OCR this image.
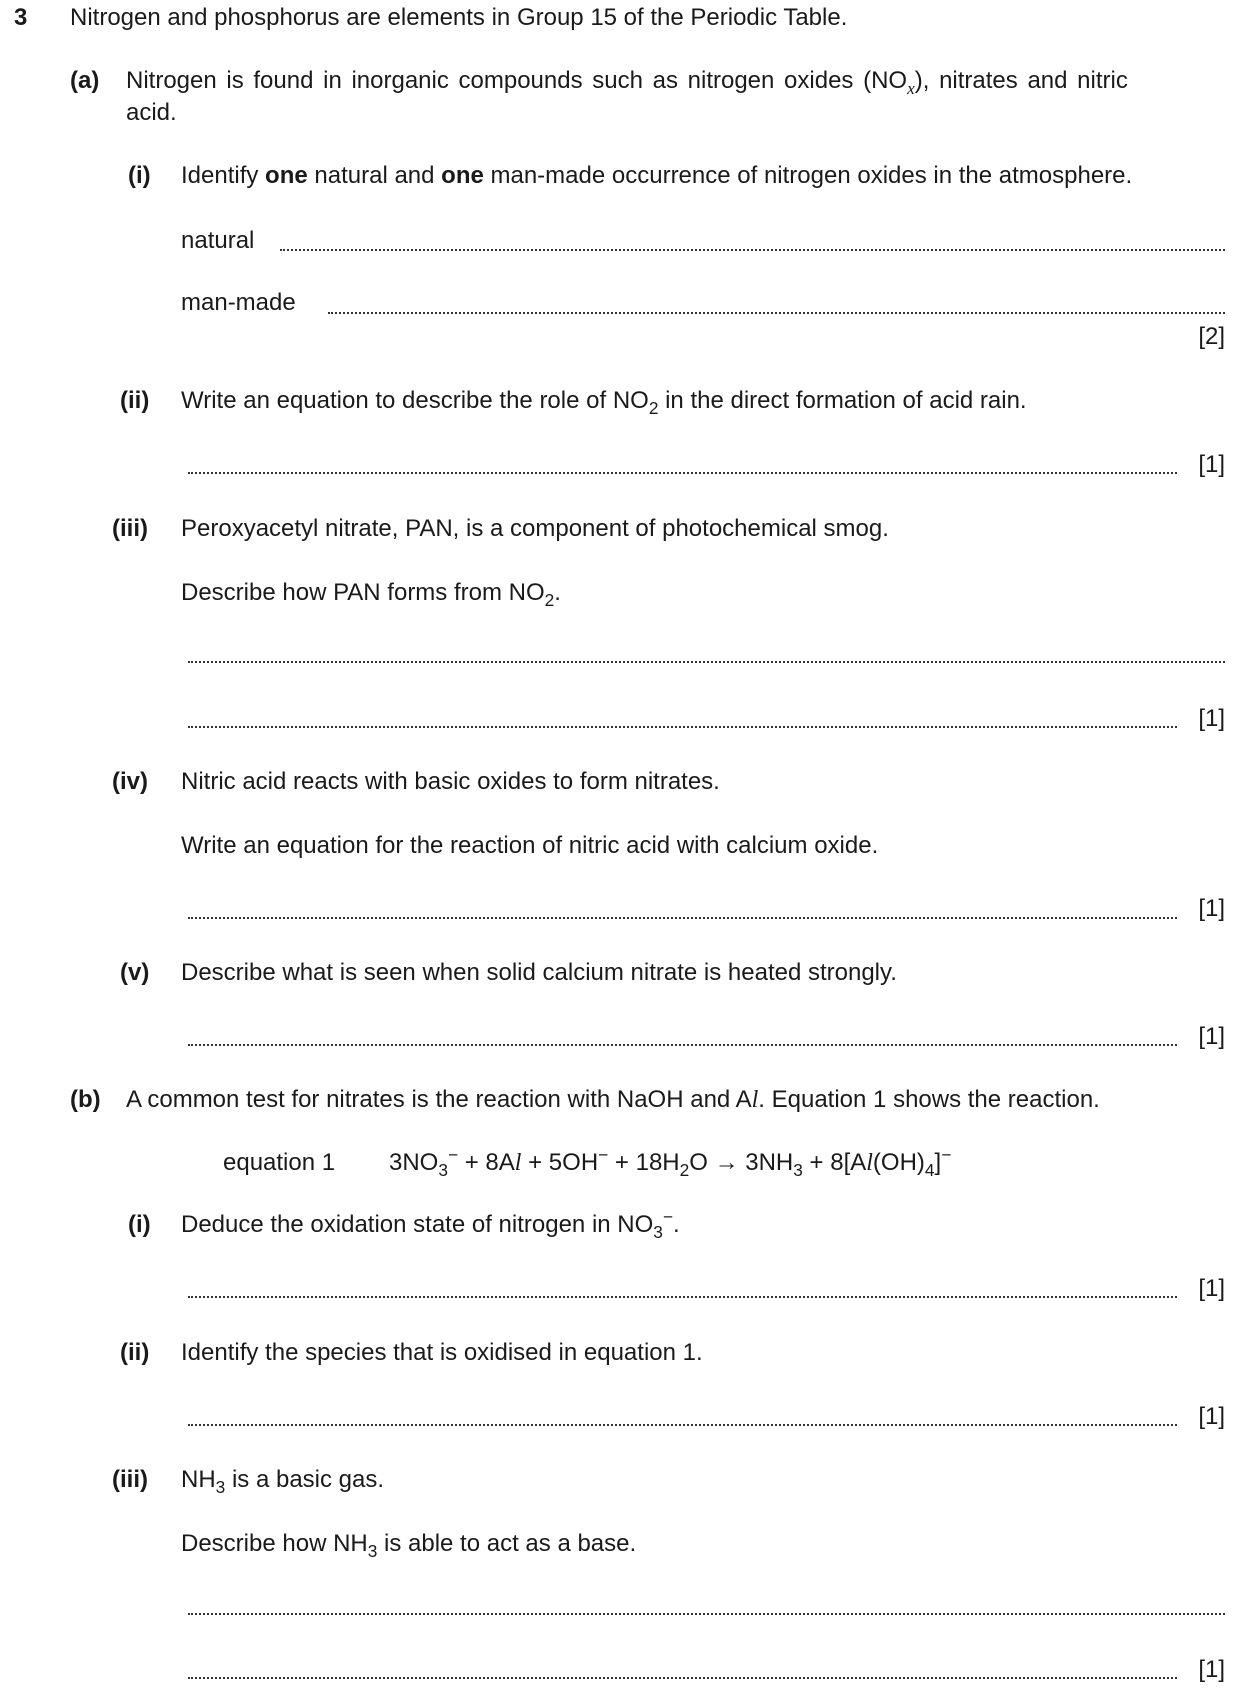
3 Nitrogen and phosphorus are elements in Group 15 of the Periodic Table.
(a) Nitrogen is found in inorganic compounds such as nitrogen oxides $(NO_x)$, nitrates and nitric
acid.
(i) Identify one natural and one man-made occurrence of nitrogen oxides in the atmosphere.
natural
man-made
[2]
(ii) Write an equation to describe the role of $NO_2$ in the direct formation of acid rain.
[1]
(iii) Peroxyacetyl nitrate, PAN, is a component of photochemical smog.
Describe how PAN forms from $NO_2$.
[1]
(iv) Nitric acid reacts with basic oxides to form nitrates.
Write an equation for the reaction of nitric acid with calcium oxide.
[1]
(v) Describe what is seen when solid calcium nitrate is heated strongly.
[1]
(b) A common test for nitrates is the reaction with NaOH and Al. Equation 1 shows the reaction.
equation 1 $3NO_3^- + 8Al + 5OH^- + 18H_2O \to 3NH_3 + 8[Al(OH)_4]^-$
(i) Deduce the oxidation state of nitrogen in $NO_3^-$.
[1]
(ii) Identify the species that is oxidised in equation 1.
[1]
(iii) $NH_3$ is a basic gas.
Describe how $NH_3$ is able to act as a base.
[1]
